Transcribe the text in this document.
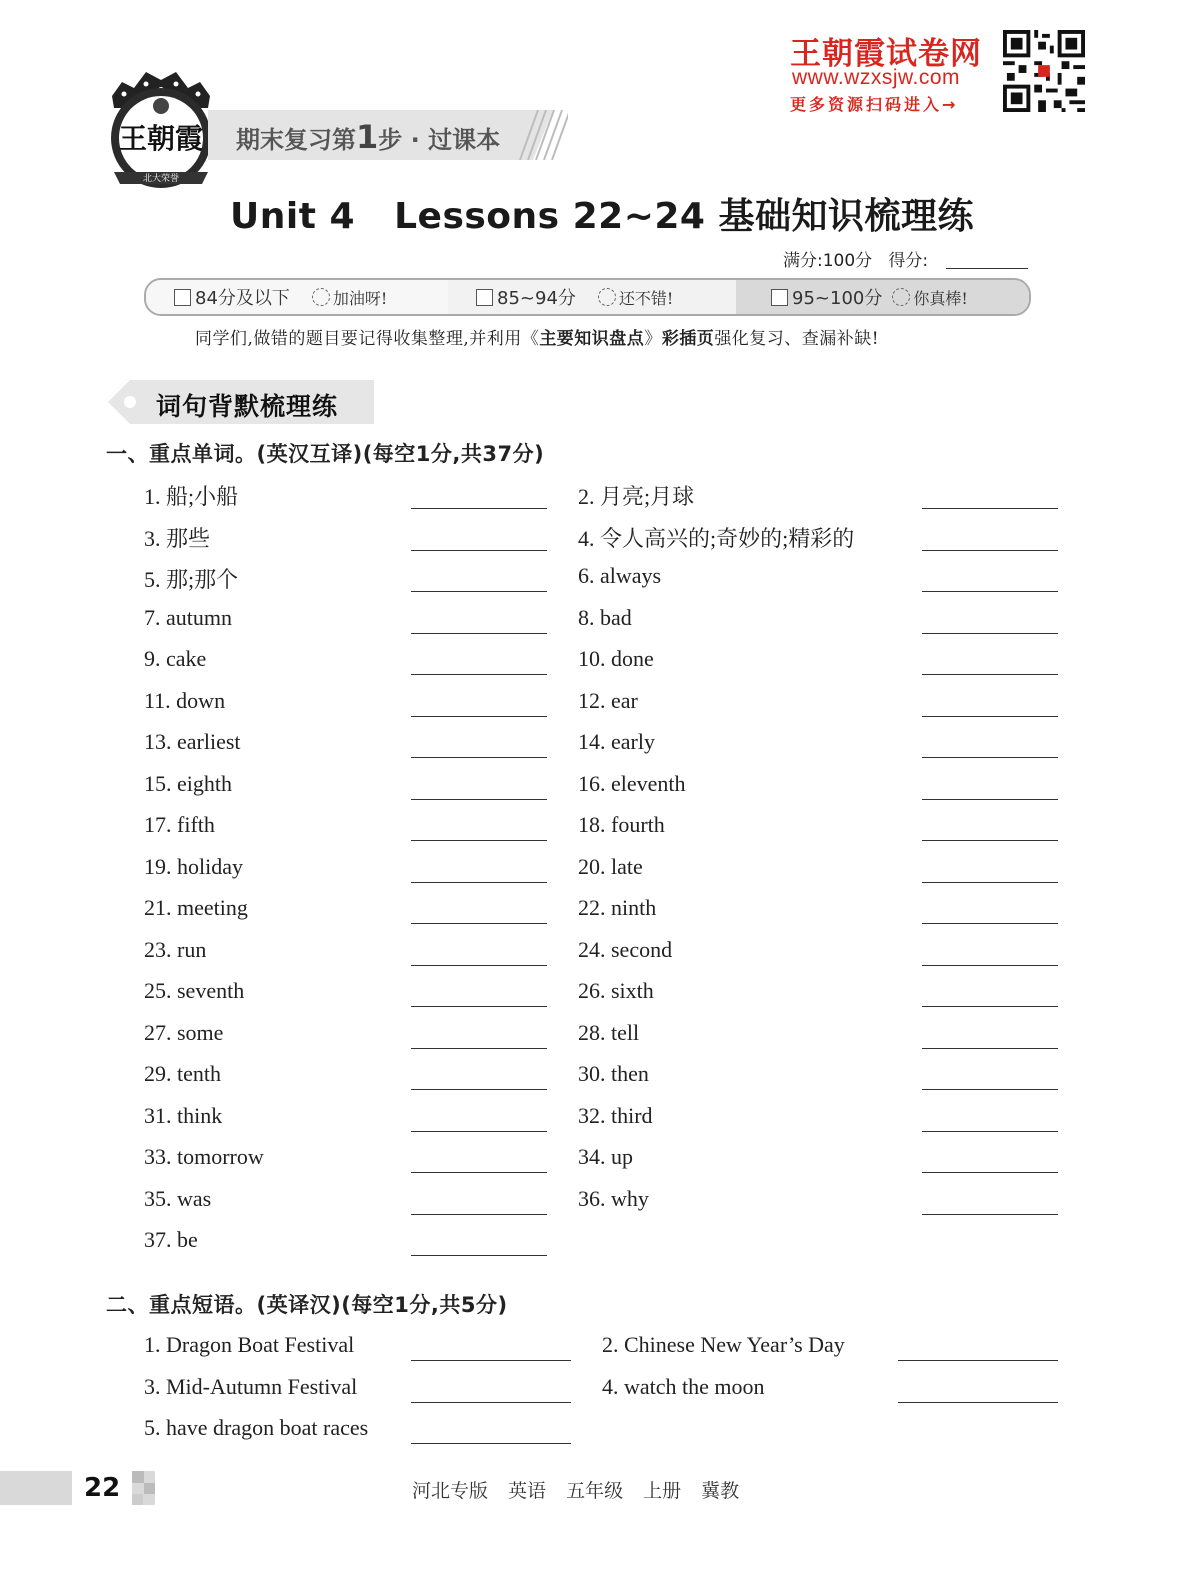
王朝霞试卷网
www.wzxsjw.com
更多资源扫码进入→
王朝霞
北大荣誉
期末复习第1步 · 过课本
Unit 4   Lessons 22~24 基础知识梳理练
满分:100分 得分:
84分及以下	加油呀!	85~94分	还不错!	95~100分 你真棒!
同学们,做错的题目要记得收集整理,并利用《主要知识盘点》彩插页强化复习、查漏补缺!
词句背默梳理练
一、重点单词。(英汉互译)(每空1分,共37分)
1. 船;小船	2. 月亮;月球
3. 那些	4. 令人高兴的;奇妙的;精彩的
5. 那;那个	6. always
7. autumn	8. bad
9. cake	10. done
11. down	12. ear
13. earliest	14. early
15. eighth	16. eleventh
17. fifth	18. fourth
19. holiday	20. late
21. meeting	22. ninth
23. run	24. second
25. seventh	26. sixth
27. some	28. tell
29. tenth	30. then
31. think	32. third
33. tomorrow	34. up
35. was	36. why
37. be
二、重点短语。(英译汉)(每空1分,共5分)
1. Dragon Boat Festival	2. Chinese New Year’s Day
3. Mid-Autumn Festival	4. watch the moon
5. have dragon boat races
22	河北专版 英语 五年级 上册 冀教
